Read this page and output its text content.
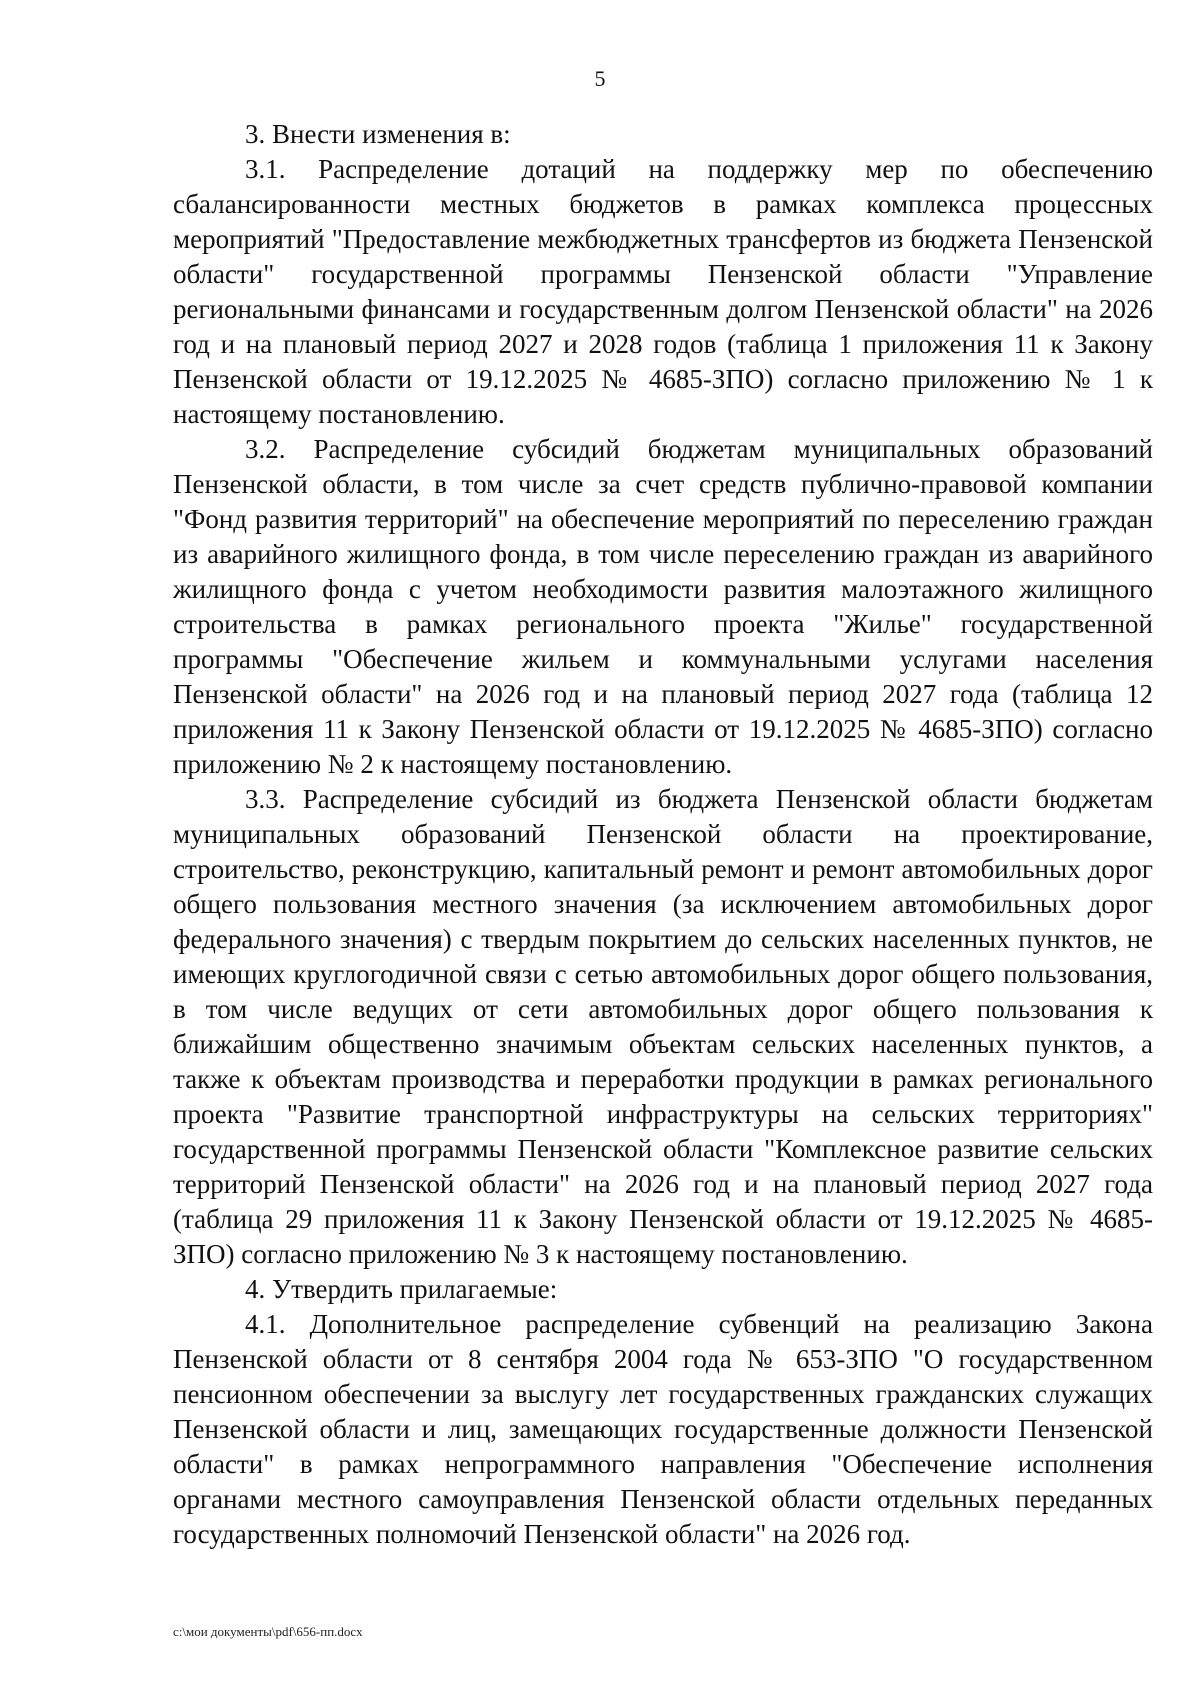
5

3. Внести изменения в:

3.1. Распределение дотаций на поддержку мер по обеспечению сбалансированности местных бюджетов в рамках комплекса процессных мероприятий "Предоставление межбюджетных трансфертов из бюджета Пензенской области" государственной программы Пензенской области "Управление региональными финансами и государственным долгом Пензенской области" на 2026 год и на плановый период 2027 и 2028 годов (таблица 1 приложения 11 к Закону Пензенской области от 19.12.2025 № 4685-ЗПО) согласно приложению № 1 к настоящему постановлению.

3.2. Распределение субсидий бюджетам муниципальных образований Пензенской области, в том числе за счет средств публично-правовой компании "Фонд развития территорий" на обеспечение мероприятий по переселению граждан из аварийного жилищного фонда, в том числе переселению граждан из аварийного жилищного фонда с учетом необходимости развития малоэтажного жилищного строительства в рамках регионального проекта "Жилье" государственной программы "Обеспечение жильем и коммунальными услугами населения Пензенской области" на 2026 год и на плановый период 2027 года (таблица 12 приложения 11 к Закону Пензенской области от 19.12.2025 № 4685-ЗПО) согласно приложению № 2 к настоящему постановлению.

3.3. Распределение субсидий из бюджета Пензенской области бюджетам муниципальных образований Пензенской области на проектирование, строительство, реконструкцию, капитальный ремонт и ремонт автомобильных дорог общего пользования местного значения (за исключением автомобильных дорог федерального значения) с твердым покрытием до сельских населенных пунктов, не имеющих круглогодичной связи с сетью автомобильных дорог общего пользования, в том числе ведущих от сети автомобильных дорог общего пользования к ближайшим общественно значимым объектам сельских населенных пунктов, а также к объектам производства и переработки продукции в рамках регионального проекта "Развитие транспортной инфраструктуры на сельских территориях" государственной программы Пензенской области "Комплексное развитие сельских территорий Пензенской области" на 2026 год и на плановый период 2027 года (таблица 29 приложения 11 к Закону Пензенской области от 19.12.2025 № 4685-ЗПО) согласно приложению № 3 к настоящему постановлению.

4. Утвердить прилагаемые:

4.1. Дополнительное распределение субвенций на реализацию Закона Пензенской области от 8 сентября 2004 года № 653-ЗПО "О государственном пенсионном обеспечении за выслугу лет государственных гражданских служащих Пензенской области и лиц, замещающих государственные должности Пензенской области" в рамках непрограммного направления "Обеспечение исполнения органами местного самоуправления Пензенской области отдельных переданных государственных полномочий Пензенской области" на 2026 год.

c:\мои документы\pdf\656-пп.docx
